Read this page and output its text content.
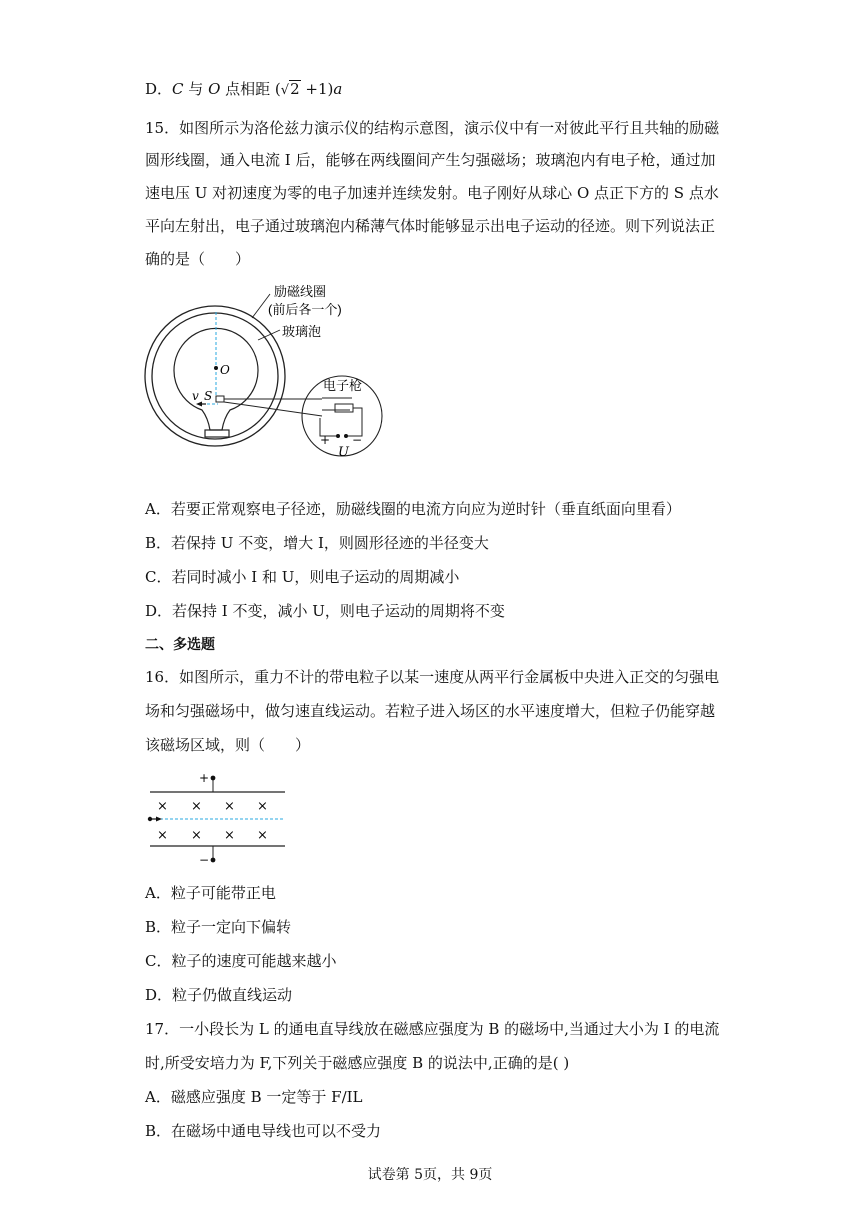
D．C 与 O 点相距 (√2 +1)a
15．如图所示为洛伦兹力演示仪的结构示意图，演示仪中有一对彼此平行且共轴的励磁
圆形线圈，通入电流 I 后，能够在两线圈间产生匀强磁场；玻璃泡内有电子枪，通过加
速电压 U 对初速度为零的电子加速并连续发射。电子刚好从球心 O 点正下方的 S 点水
平向左射出，电子通过玻璃泡内稀薄气体时能够显示出电子运动的径迹。则下列说法正
确的是（　　）
O
v S
+ −
U
励磁线圈
(前后各一个)
玻璃泡
电子枪
A．若要正常观察电子径迹，励磁线圈的电流方向应为逆时针（垂直纸面向里看）
B．若保持 U 不变，增大 I，则圆形径迹的半径变大
C．若同时减小 I 和 U，则电子运动的周期减小
D．若保持 I 不变，减小 U，则电子运动的周期将不变
二、多选题
16．如图所示，重力不计的带电粒子以某一速度从两平行金属板中央进入正交的匀强电
场和匀强磁场中，做匀速直线运动。若粒子进入场区的水平速度增大，但粒子仍能穿越
该磁场区域，则（　　）
+
× × × ×
× × × ×
−
A．粒子可能带正电
B．粒子一定向下偏转
C．粒子的速度可能越来越小
D．粒子仍做直线运动
17．一小段长为 L 的通电直导线放在磁感应强度为 B 的磁场中,当通过大小为 I 的电流
时,所受安培力为 F,下列关于磁感应强度 B 的说法中,正确的是( )
A．磁感应强度 B 一定等于 F/IL
B．在磁场中通电导线也可以不受力
试卷第 5页，共 9页
